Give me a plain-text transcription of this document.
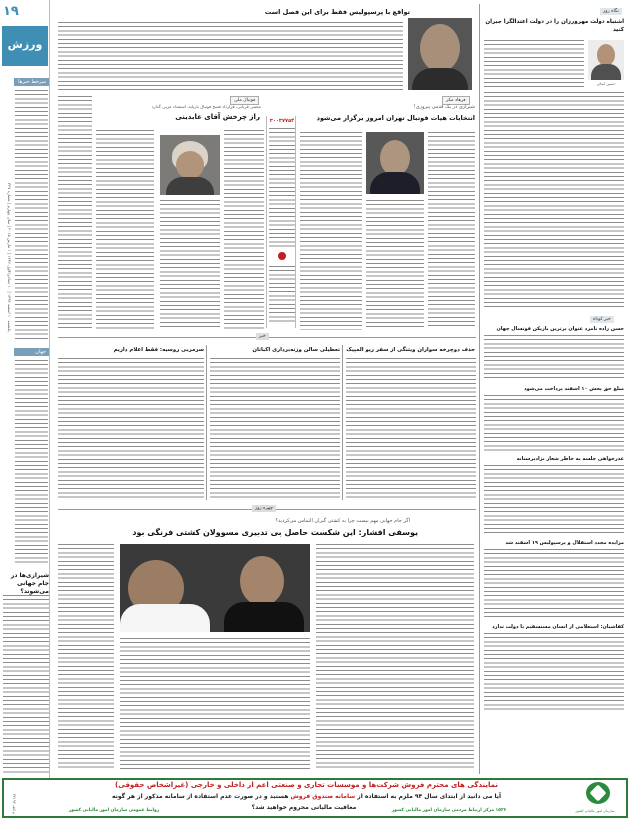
۱۹
ورزش
یکشنبه ۱۰ اسفند ۱۳۹۳ | ۱۰ جمادی‌الاول ۱۴۳۶ | ۱ مارس ۲۰۱۵ | سال چهارم | شماره ۳۴۷
سرخط خبرها
جهان
شیرازی‌ها در جام جهانی می‌شوند؟
تواقع با پرسپولیس فقط برای این فصل است
فرهاد مکر
شیرازی در یک قدمی پیروزی!
انتخابات هیات فوتبال تهران امروز برگزار می‌شود
فوتبال ملی
مجتبی قربانی، قرارداد فسخ فوتبال بازیابد، استعداد مربی گذارد
راز چرخش آقای عابدینی	۳۰۰۳۷۷۵۴
خبر
حذف دوچرخه سواران ویتنگی از سفر ریو المپیک
تعطیلی سالن وزنه‌برداری اکباتان
سرمربی روسیه: فقط اعلام داریم
چهره روز
اگر جام جهانی مهم نیست چرا به کشتی گیران التماس می‌کردید؟
یوسفی افشار: این شکست حاصل بی تدبیری مسوولان کشتی فرنگی بود
نگاه روز
اشتباه دولت مهرورزان را در دولت اعتدالگرا جبران کنید
حسین کمالی
خبر کوتاه
حسن زاده نامزد عنوان برترین بازیکن فوتسال جهان
مبلغ حق پخش ۱۰ اسفند پرداخت می‌شود
عذرخواهی جلسه به خاطر شعار نژادپرستانه
مزایده مجدد استقلال و پرسپولیس ۱۹ اسفند شد
کفاشیان: استعلامی از انسان مستسقیم با دولت ندارد
سازمان امور مالیاتی کشور
نمایندگی های محترم فروش شرکت‌ها و موسسات تجاری و صنعتی اعم از داخلی و خارجی (غیراشخاص حقوقی)
آیا می دانید از ابتدای سال ۹۴ ملزم به استفاده از سامانه صندوق فروش هستید و در صورت عدم استفاده از سامانه مذکور از هر گونه
معافیت مالیاتی محروم خواهید شد؟	۱۵۲۶ مرکز ارتباط مردمی سازمان امور مالیاتی کشور
روابط عمومی سازمان امور مالیاتی کشور
م الف ۳۴۱۹۴
